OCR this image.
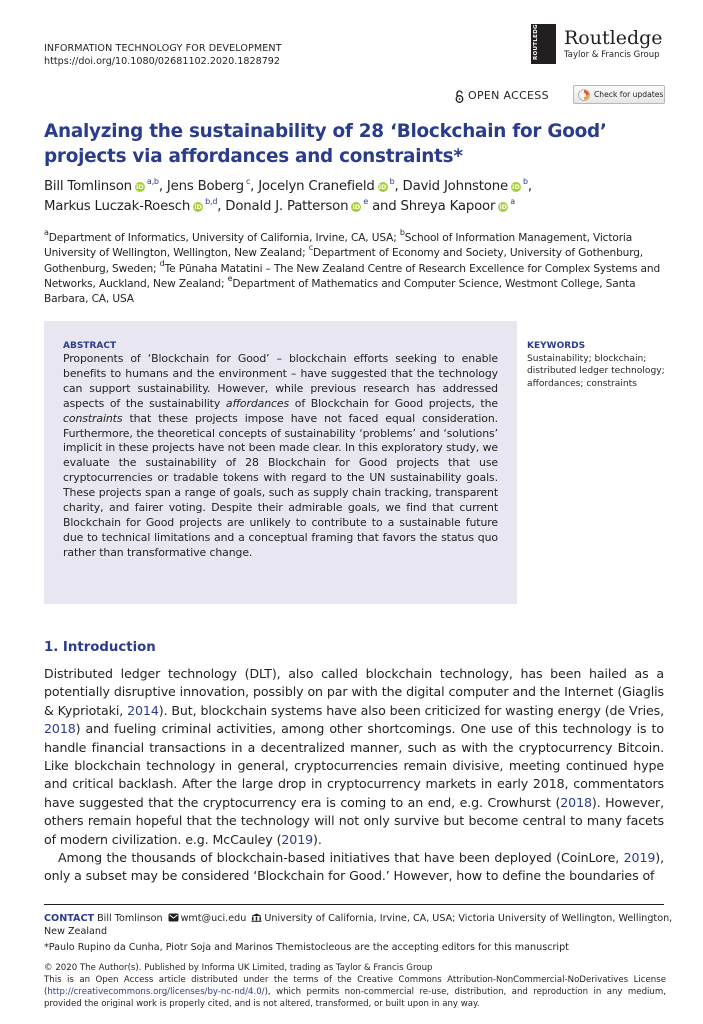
INFORMATION TECHNOLOGY FOR DEVELOPMENT
https://doi.org/10.1080/02681102.2020.1828792
ROUTLEDGE Routledge
Taylor & Francis Group
OPEN ACCESS	Check for updates
Analyzing the sustainability of 28 ‘Blockchain for Good’ projects via affordances and constraints*
Bill Tomlinson iD$^{a,b}$, Jens Boberg $^c$, Jocelyn Cranefield $iD^b$, David Johnstone $iD^b$,
Markus Luczak-Roesch iD$^{b,d}$, Donald J. Patterson $iD^e$ and Shreya Kapoor $iD^a$
$^a$Department of Informatics, University of California, Irvine, CA, USA; $^b$School of Information Management, Victoria University of Wellington, Wellington, New Zealand; $^c$Department of Economy and Society, University of Gothenburg, Gothenburg, Sweden; $^d$Te Pūnaha Matatini – The New Zealand Centre of Research Excellence for Complex Systems and Networks, Auckland, New Zealand; $^e$Department of Mathematics and Computer Science, Westmont College, Santa Barbara, CA, USA
ABSTRACT
Proponents of ‘Blockchain for Good’ – blockchain efforts seeking to enable benefits to humans and the environment – have suggested that the technology can support sustainability. However, while previous research has addressed aspects of the sustainability affordances of Blockchain for Good projects, the constraints that these projects impose have not faced equal consideration. Furthermore, the theoretical concepts of sustainability ‘problems’ and ‘solutions’ implicit in these projects have not been made clear. In this exploratory study, we evaluate the sustainability of 28 Blockchain for Good projects that use cryptocurrencies or tradable tokens with regard to the UN sustainability goals. These projects span a range of goals, such as supply chain tracking, transparent charity, and fairer voting. Despite their admirable goals, we find that current Blockchain for Good projects are unlikely to contribute to a sustainable future due to technical limitations and a conceptual framing that favors the status quo rather than transformative change.
KEYWORDS
Sustainability; blockchain; distributed ledger technology; affordances; constraints
1. Introduction

Distributed ledger technology (DLT), also called blockchain technology, has been hailed as a potentially disruptive innovation, possibly on par with the digital computer and the Internet (Giaglis & Kypriotaki, 2014). But, blockchain systems have also been criticized for wasting energy (de Vries, 2018) and fueling criminal activities, among other shortcomings. One use of this technology is to handle financial transactions in a decentralized manner, such as with the cryptocurrency Bitcoin. Like blockchain technology in general, cryptocurrencies remain divisive, meeting continued hype and critical backlash. After the large drop in cryptocurrency markets in early 2018, commentators have suggested that the cryptocurrency era is coming to an end, e.g. Crowhurst (2018). However, others remain hopeful that the technology will not only survive but become central to many facets of modern civilization. e.g. McCauley (2019).

Among the thousands of blockchain-based initiatives that have been deployed (CoinLore, 2019), only a subset may be considered ‘Blockchain for Good.’ However, how to define the boundaries of

CONTACT Bill Tomlinson wmt@uci.edu University of California, Irvine, CA, USA; Victoria University of Wellington, Wellington, New Zealand
*Paulo Rupino da Cunha, Piotr Soja and Marinos Themistocleous are the accepting editors for this manuscript
© 2020 The Author(s). Published by Informa UK Limited, trading as Taylor & Francis Group
This is an Open Access article distributed under the terms of the Creative Commons Attribution-NonCommercial-NoDerivatives License (http://creativecommons.org/licenses/by-nc-nd/4.0/), which permits non-commercial re-use, distribution, and reproduction in any medium, provided the original work is properly cited, and is not altered, transformed, or built upon in any way.
